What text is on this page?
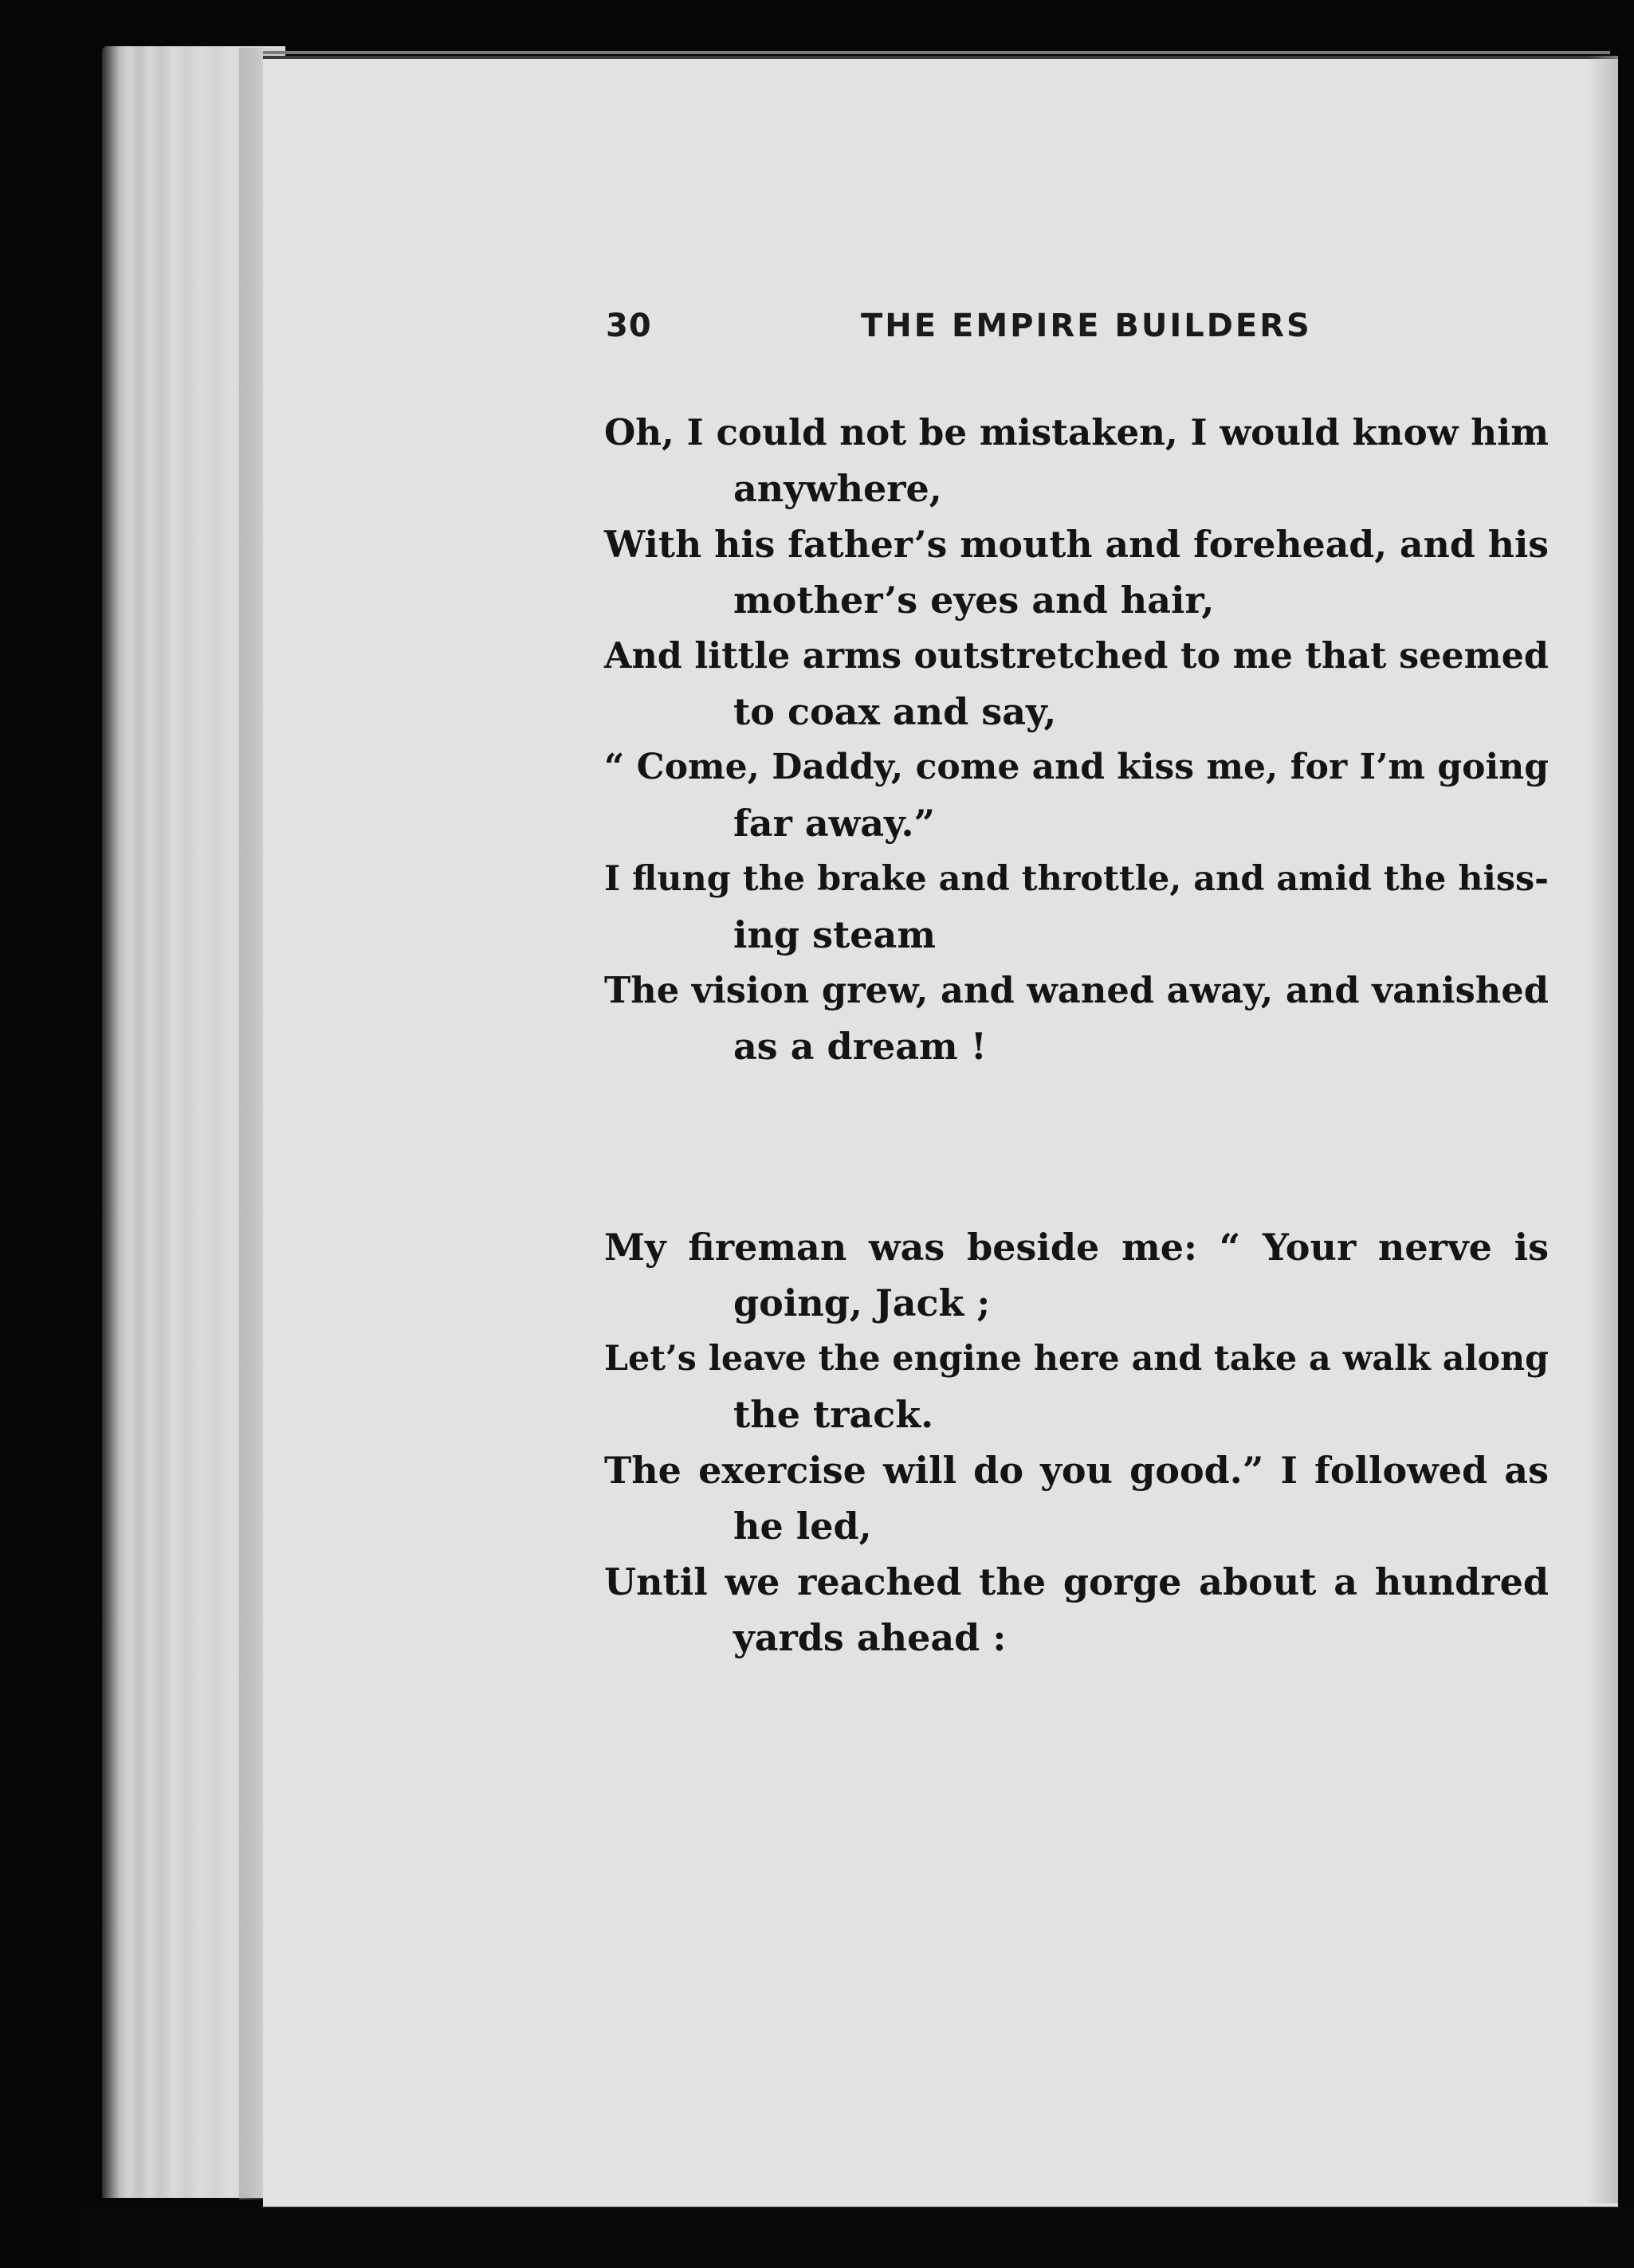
30	THE EMPIRE BUILDERS
Oh, I could not be mistaken, I would know him
anywhere,
With his father’s mouth and forehead, and his
mother’s eyes and hair,
And little arms outstretched to me that seemed
to coax and say,
“ Come, Daddy, come and kiss me, for I’m going
far away.”
I flung the brake and throttle, and amid the hiss-
ing steam
The vision grew, and waned away, and vanished
as a dream !
My fireman was beside me: “ Your nerve is
going, Jack ;
Let’s leave the engine here and take a walk along
the track.
The exercise will do you good.” I followed as
he led,
Until we reached the gorge about a hundred
yards ahead :
